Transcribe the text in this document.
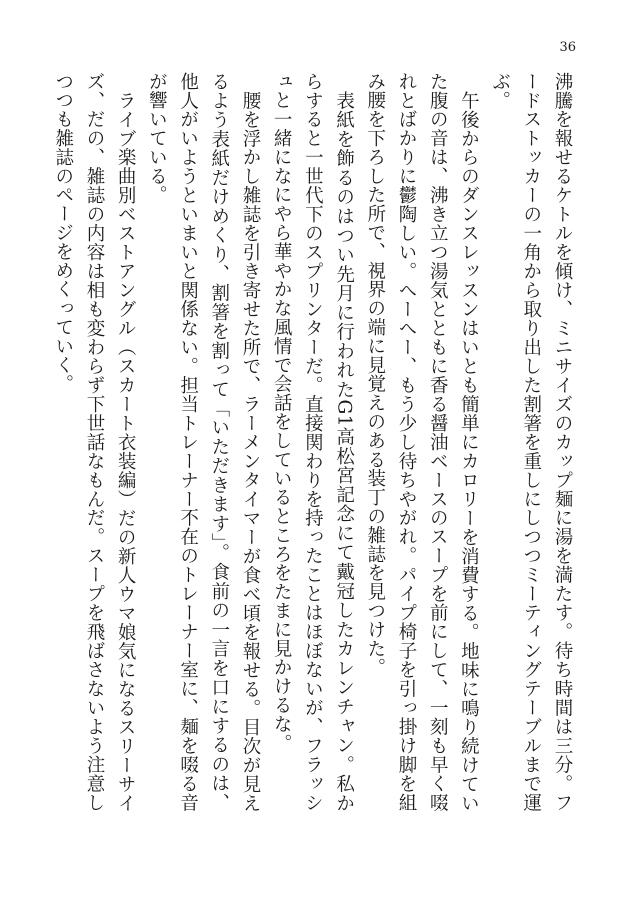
36

沸騰を報せるケトルを傾け、ミニサイズのカップ麺に湯を満たす。待ち時間は三分。フードストッカーの一角から取り出した割箸を重しにしつつミーティングテーブルまで運ぶ。

午後からのダンスレッスンはいとも簡単にカロリーを消費する。地味に鳴り続けていた腹の音は、沸き立つ湯気とともに香る醤油ベースのスープを前にして、一刻も早く啜れとばかりに鬱陶しい。へーへー、もう少し待ちやがれ。パイプ椅子を引っ掛け脚を組み腰を下ろした所で、視界の端に見覚えのある装丁の雑誌を見つけた。

表紙を飾るのはつい先月に行われたG1高松宮記念にて戴冠したカレンチャン。私からすると一世代下のスプリンターだ。直接関わりを持ったことはほぼないが、フラッシュと一緒になにやら華やかな風情で会話をしているところをたまに見かけるな。

腰を浮かし雑誌を引き寄せた所で、ラーメンタイマーが食べ頃を報せる。目次が見えるよう表紙だけめくり、割箸を割って「いただきます」。食前の一言を口にするのは、他人がいようといまいと関係ない。担当トレーナー不在のトレーナー室に、麺を啜る音が響いている。

ライブ楽曲別ベストアングル（スカート衣装編）だの新人ウマ娘気になるスリーサイズ、だの、雑誌の内容は相も変わらず下世話なもんだ。スープを飛ばさないよう注意しつつも雑誌のページをめくっていく。
